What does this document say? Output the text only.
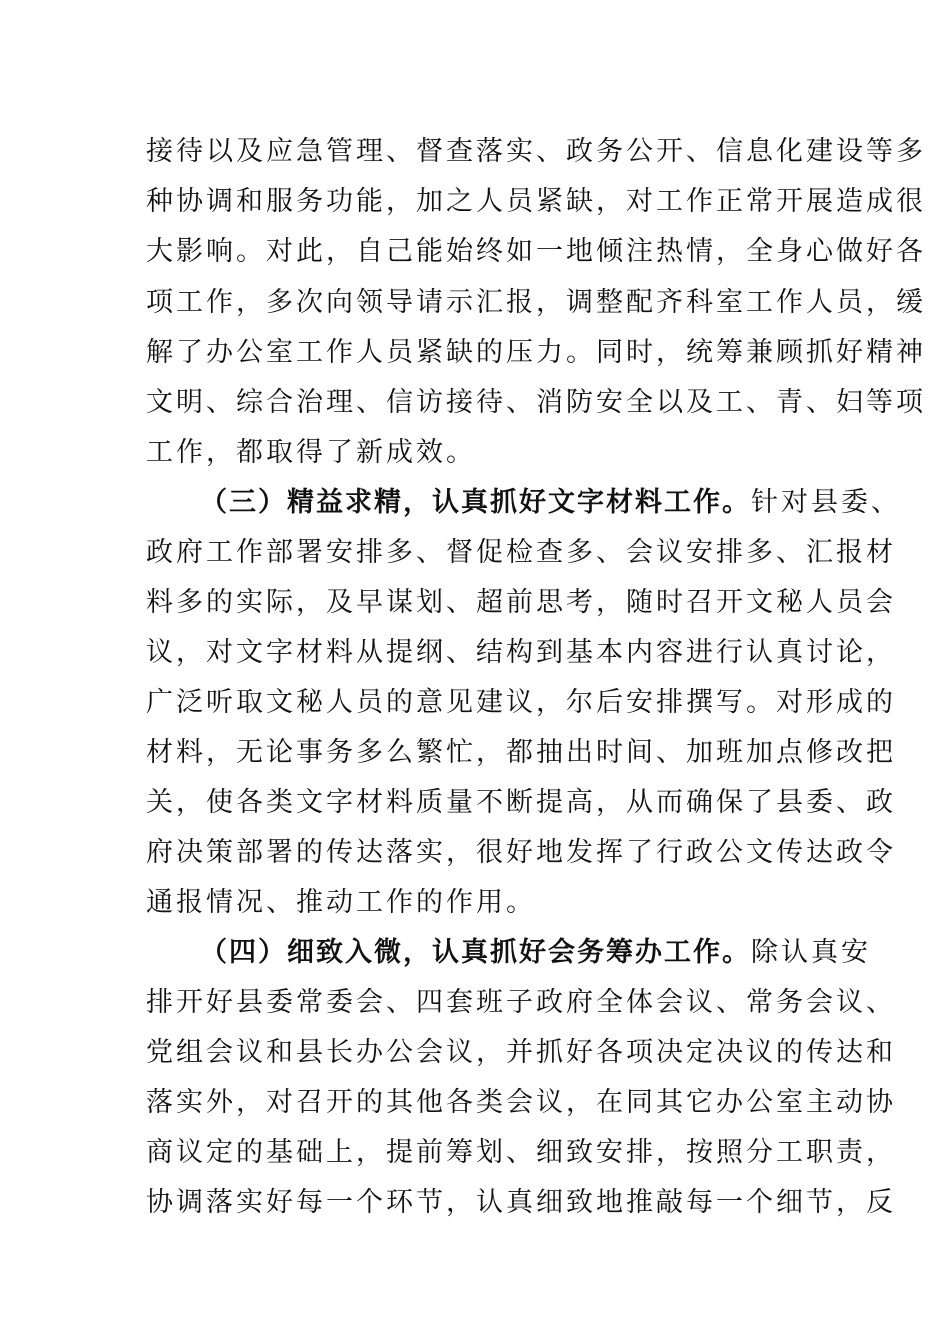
接待以及应急管理、督查落实、政务公开、信息化建设等多
种协调和服务功能，加之人员紧缺，对工作正常开展造成很
大影响。对此，自己能始终如一地倾注热情，全身心做好各
项工作，多次向领导请示汇报，调整配齐科室工作人员，缓
解了办公室工作人员紧缺的压力。同时，统筹兼顾抓好精神
文明、综合治理、信访接待、消防安全以及工、青、妇等项
工作，都取得了新成效。
（三）精益求精，认真抓好文字材料工作。针对县委、
政府工作部署安排多、督促检查多、会议安排多、汇报材
料多的实际，及早谋划、超前思考，随时召开文秘人员会
议，对文字材料从提纲、结构到基本内容进行认真讨论，
广泛听取文秘人员的意见建议，尔后安排撰写。对形成的
材料，无论事务多么繁忙，都抽出时间、加班加点修改把
关，使各类文字材料质量不断提高，从而确保了县委、政
府决策部署的传达落实，很好地发挥了行政公文传达政令
通报情况、推动工作的作用。
（四）细致入微，认真抓好会务筹办工作。除认真安
排开好县委常委会、四套班子政府全体会议、常务会议、
党组会议和县长办公会议，并抓好各项决定决议的传达和
落实外，对召开的其他各类会议，在同其它办公室主动协
商议定的基础上，提前筹划、细致安排，按照分工职责，
协调落实好每一个环节，认真细致地推敲每一个细节，反
